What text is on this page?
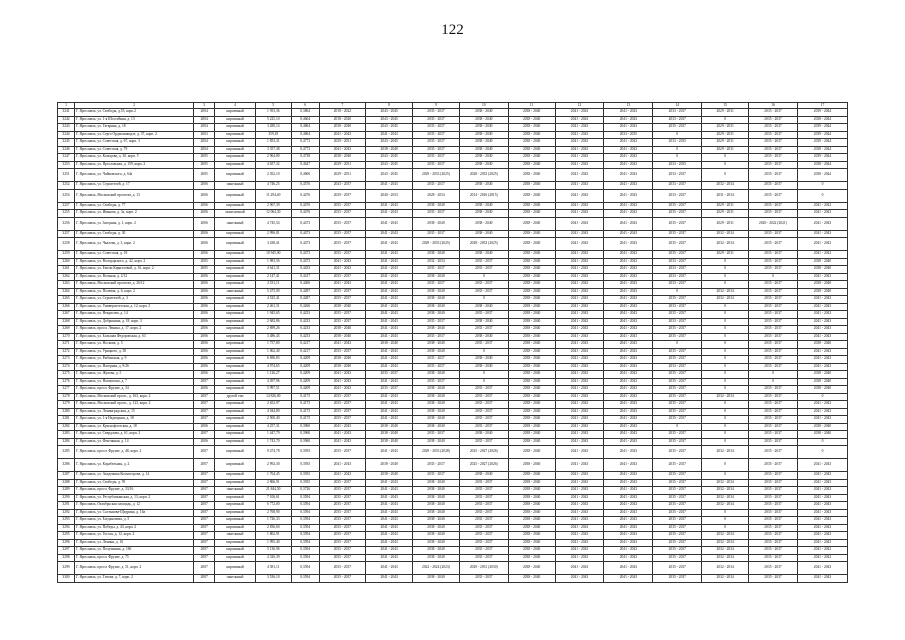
122
1	2	3	4	5	6	7	8	9	10	11	12	13	14	15	16	17
3241	Г. Ярославль, ул. Свободы, д.55, корп.2	2004	кирпичный	1 953,36	0,3864	2018 - 2022	2043 - 2045	2035 - 2037	2038 - 2040	2038 - 2040	2041 - 2043	2041 - 2043	2033 - 2037	2029 - 2031	2035 - 2037	2039 - 2044
3242	Г. Ярославль, ул. 1-я Шоссейная, д. 13	2004	кирпичный	5 225,10	0,4664	2018 - 2020	2043 - 2045	2035 - 2037	2038 - 2040	2038 - 2040	2041 - 2043	2041 - 2043	2033 - 2037	0	2035 - 2037	2038 - 2044
3243	Г. Ярославль, ул. Гагарина, д. 18	2004	кирпичный	3 280,14	0,4864	2038 - 2040	2043 - 2045	2035 - 2037	2038 - 2040	2038 - 2040	2041 - 2043	2041 - 2043	2035 - 2037	2029 - 2031	2035 - 2037	2039 - 2044
3244	Г. Ярославль, ул. Серго Орджоникидзе, д. 37, корп. 2	2003	кирпичный	359,18	0,4864	2041 - 2043	2041 - 2043	2035 - 2037	2038 - 2040	2038 - 2040	2041 - 2043	2033 - 2035	0	2029 - 2031	2035 - 2037	2039 - 2044
3245	Г. Ярославль, ул. Советская, д. 67, корп. 3	2004	кирпичный	1 853,31	0,4773	2029 - 2031	2043 - 2045	2035 - 2037	2038 - 2040	2038 - 2040	2041 - 2043	2041 - 2043	2033 - 2035	2029 - 2031	2035 - 2037	2039 - 2044
3246	Г. Ярославль, ул. Советская, д. 79	2004	кирпичный	3 357,38	0,4773	2041 - 2043	2038 - 2040	2035 - 2037	2038 - 2040	2038 - 2040	2041 - 2043	2041 - 2043	0	2029 - 2031	2035 - 2037	2038 - 2044
3247	Г. Ярославль, ул. Кольцова, д. 30, корп. 5	2005	кирпичный	2 964,80	0,4738	2038 - 2040	2043 - 2045	2035 - 2037	2038 - 2040	2038 - 2040	2041 - 2043	2041 - 2043	0	0	2035 - 2037	2039 - 2044
3253	Г. Ярославль, ул. Ярославская, д. 159, корп. 2	2005	кирпичный	4 657,32	0,4627	2029 - 2031	2043 - 2045	2035 - 2037	2038 - 2040	2038 - 2040	2041 - 2043	2041 - 2043	2033 - 2035	0	2035 - 2037	2038 - 2044
3251	Г. Ярославль, ул. Чайковского, д. 64а	2005	кирпичный	2 052,10	0,4606	2029 - 2031	2043 - 2045	2029 - 2033 (2025)	2028 - 2033 (2025)	2038 - 2040	2041 - 2043	2041 - 2043	2033 - 2037	0	2035 - 2037	2038 - 2044
3252	Г. Ярославль, ул. Строителей, д. 17	2006	панельный	4 746,25	0,4576	2043 - 2037	2041 - 2043	2035 - 2037	2038 - 2040	2038 - 2040	2041 - 2043	2041 - 2043	2033 - 2037	2032 - 2034	2035 - 2037	0
3254	Г. Ярославль, Московский проспект, д. 13	2006	кирпичный	11 294,40	0,4476	2029 - 2037	2040 - 2033	2028 - 2034	2014 - 2016 (2015)	2038 - 2040	2041 - 2043	2041 - 2043	2033 - 2037	2031 - 2034	2035 - 2037	0
3257	Г. Ярославль, ул. Свободы, д. 77	2006	кирпичный	2 967,39	0,4476	2035 - 2037	2041 - 2043	2038 - 2040	2038 - 2040	2038 - 2040	2041 - 2043	2041 - 2043	2035 - 2037	2029 - 2031	2035 - 2037	2041 - 2043
3255	Г. Ярославль, ул. Иванова, д. 3а, корп. 2	2006	монолитный	12 064,30	0,4476	2035 - 2037	2041 - 2043	2035 - 2037	2038 - 2040	2038 - 2040	2041 - 2043	2041 - 2043	2035 - 2037	2029 - 2031	2035 - 2037	2041 - 2043
3256	Г. Ярославль, ул. Загорная, д. 1, корп. 2	2006	панельный	4 745,54	0,4473	2035 - 2037	2041 - 2043	2038 - 2040	2038 - 2040	2038 - 2040	2041 - 2043	2041 - 2043	2035 - 2037	2029 - 2031	2020 - 2022 (2021)	2041 - 2043
3257	Г. Ярославль, ул. Свободы, д. 30	2006	кирпичный	2 996,81	0,4473	2035 - 2037	2041 - 2043	2035 - 2037	2038 - 2040	2038 - 2040	2041 - 2043	2041 - 2043	2035 - 2037	2032 - 2034	2035 - 2037	2041 - 2043
3258	Г. Ярославль, ул. Чкалова, д. 3, корп. 2	2006	кирпичный	3 438,41	0,4473	2035 - 2037	2041 - 2043	2029 - 2033 (2025)	2028 - 2033 (2025)	2038 - 2040	2041 - 2043	2041 - 2043	2035 - 2037	2032 - 2034	2035 - 2037	2041 - 2043
3259	Г. Ярославль, ул. Советская, д. 18	2006	кирпичный	10 945,00	0,4473	2035 - 2037	2041 - 2043	2038 - 2040	2038 - 2040	2038 - 2040	2041 - 2043	2041 - 2043	2035 - 2037	2029 - 2031	2035 - 2037	2041 - 2043
3260	Г. Ярославль, ул. Володарского, д. 42, корп. 2	2005	кирпичный	1 983,56	0,4473	2041 - 2043	2041 - 2043	2032 - 2034	2035 - 2037	2038 - 2040	2041 - 2043	2041 - 2043	2033 - 2037	0	2035 - 2037	2038 - 2040
3261	Г. Ярославль, ул. Емели Кирилловой, д. 16, корп. 2	2005	кирпичный	4 641,31	0,4433	2041 - 2043	2041 - 2043	2035 - 2037	2035 - 2037	2038 - 2040	2041 - 2043	2041 - 2043	2033 - 2037	0	2035 - 2037	2038 - 2040
3262	Г. Ярославль, ул. Вольная, д. 2/12	2006	кирпичный	2 147,41	0,4417	2035 - 2037	2041 - 2043	2038 - 2040	0	2038 - 2040	2041 - 2043	2041 - 2043	2033 - 2037	0	0	2041 - 2043
3263	Г. Ярославль, Московский проспект, д. 26/12	2006	кирпичный	2 531,11	0,4406	2041 - 2043	2041 - 2043	2035 - 2037	2035 - 2037	2038 - 2040	2041 - 2043	2041 - 2043	2033 - 2037	0	2035 - 2037	2038 - 2040
3264	Г. Ярославль, ул. Полевая, д. 6, корп. 2	2006	панельный	5 475,00	0,4287	2035 - 2037	2041 - 2043	2038 - 2040	2035 - 2037	2038 - 2040	2041 - 2043	2041 - 2043	0	2032 - 2034	2035 - 2037	2038 - 2040
3265	Г. Ярославль, ул. Строителей, д. 3	2006	кирпичный	4 525,41	0,4287	2035 - 2037	2041 - 2043	2038 - 2040	0	2038 - 2040	2041 - 2043	2041 - 2043	2035 - 2037	2032 - 2034	2035 - 2037	2041 - 2043
3266	Г. Ярославль, ул. Университетская, д. 12, корп. 2	2006	кирпичный	2 461,31	0,4266	2038 - 2040	2041 - 2043	2038 - 2040	2038 - 2040	2038 - 2040	2041 - 2043	2041 - 2043	2033 - 2037	0	2035 - 2037	2041 - 2043
3267	Г. Ярославль, ул. Некрасова, д. 14	2006	кирпичный	1 945,65	0,4233	2035 - 2037	2041 - 2043	2038 - 2040	2035 - 2037	2038 - 2040	2041 - 2043	2041 - 2043	2035 - 2037	0	2035 - 2037	2041 - 2043
3268	Г. Ярославль, ул. Добрынина, д. 18, корп. 3	2006	кирпичный	2 682,86	0,4233	2035 - 2037	2041 - 2043	2035 - 2037	2038 - 2040	2038 - 2040	2041 - 2043	2041 - 2043	2033 - 2037	0	2035 - 2037	2041 - 2043
3269	Г. Ярославль, просп. Ленина, д. 17, корп. 2	2006	кирпичный	2 699,26	0,4233	2038 - 2040	2041 - 2043	2038 - 2040	2035 - 2037	2038 - 2040	2041 - 2043	2041 - 2043	2035 - 2037	0	2035 - 2037	2041 - 2043
3270	Г. Ярославль, ул. Большая Федоровская, д. 63	2006	кирпичный	3 486,43	0,4233	2038 - 2040	2041 - 2043	2035 - 2037	2038 - 2040	2038 - 2040	2041 - 2043	2041 - 2043	2035 - 2037	0	2035 - 2037	2041 - 2043
3271	Г. Ярославль, ул. Носкова, д. 5	2006	кирпичный	1 757,80	0,4217	2041 - 2043	2038 - 2040	2038 - 2040	2035 - 2037	2038 - 2040	2041 - 2043	2041 - 2043	0	0	2035 - 2037	2038 - 2040
3272	Г. Ярославль, ул. Урицкого, д. 38	2006	кирпичный	1 062,40	0,4217	2035 - 2037	2041 - 2043	2038 - 2040	0	2038 - 2040	2041 - 2043	2041 - 2043	2035 - 2037	0	2035 - 2037	2041 - 2043
3273	Г. Ярославль, ул. Рыбинская, д. 9	2006	кирпичный	6 696,83	0,4209	2038 - 2040	2041 - 2043	2035 - 2037	2038 - 2040	2038 - 2040	2041 - 2043	2041 - 2043	2035 - 2037	0	2035 - 2037	2041 - 2043
3274	Г. Ярославль, ул. Нагорная, д. 9/26	2006	кирпичный	4 974,65	0,4209	2038 - 2040	2041 - 2043	2035 - 2037	2038 - 2040	2038 - 2040	2041 - 2043	2041 - 2043	2033 - 2037	0	2035 - 2037	2041 - 2043
3275	Г. Ярославль, ул. Жукова, д. 5	2006	кирпичный	1 126,27	0,4209	2041 - 2043	2035 - 2037	2038 - 2040	0	2038 - 2040	2041 - 2043	2041 - 2043	2035 - 2037	0	0	2038 - 2040
3276	Г. Ярославль, ул. Нахимсона, д. 7	2007	кирпичный	4 497,96	0,4209	2041 - 2043	2041 - 2043	2035 - 2037	0	2038 - 2040	2041 - 2043	2041 - 2043	2035 - 2037	0	0	2038 - 2040
3277	Г. Ярославль, просп. Фрунзе, д. 34	2006	кирпичный	5 997,51	0,4209	2041 - 2043	2035 - 2037	2038 - 2040	2035 - 2037	2038 - 2040	2041 - 2043	2041 - 2043	2035 - 2037	0	2035 - 2037	2038 - 2040
3278	Г. Ярославль, Московский просп., д. 163, корп. 2	2007	другой тип	14 826,00	0,4175	2035 - 2037	2041 - 2043	2038 - 2040	2035 - 2037	2038 - 2040	2041 - 2043	2041 - 2043	2035 - 2037	2032 - 2034	2035 - 2037	0
3279	Г. Ярославль, Московский просп., д. 123, корп. 2	2007	кирпичный	2 652,97	0,4175	2035 - 2037	2041 - 2043	2038 - 2040	2035 - 2037	2038 - 2040	2041 - 2043	2041 - 2043	2035 - 2037	0	2035 - 2037	2041 - 2043
3280	Г. Ярославль, ул. Ленинградская, д. 15	2007	кирпичный	4 044,80	0,4175	2035 - 2037	2041 - 2043	2038 - 2040	2035 - 2037	2038 - 2040	2041 - 2043	2041 - 2043	2035 - 2037	0	2035 - 2037	2041 - 2043
3281	Г. Ярославль, ул. 1-я Надворная, д. 18	2007	кирпичный	2 500,40	0,4175	2035 - 2037	2041 - 2043	2038 - 2040	2035 - 2037	2038 - 2040	2041 - 2043	2041 - 2043	2035 - 2037	0	2035 - 2037	2041 - 2043
3282	Г. Ярославль, ул. Краснофлотская, д. 18	2006	кирпичный	4 257,31	0,3960	2041 - 2043	2038 - 2040	2038 - 2040	2035 - 2037	2038 - 2040	2041 - 2043	2041 - 2043	0	0	2035 - 2037	2038 - 2040
3283	Г. Ярославль, ул. Свердлова, д. 61, корп. 2	2007	кирпичный	1 447,79	0,3960	2041 - 2043	2038 - 2040	2035 - 2037	2038 - 2040	2038 - 2040	2041 - 2043	2041 - 2043	2035 - 2037	0	2035 - 2037	2038 - 2040
3284	Г. Ярославль, ул. Фонтанная, д. 14	2006	кирпичный	1 743,70	0,3960	2041 - 2043	2038 - 2040	2038 - 2040	2035 - 2037	2038 - 2040	2041 - 2043	2041 - 2043	2035 - 2037	0	2035 - 2037	0
3285	Г. Ярославль, просп. Фрунзе, д. 48, корп. 2	2007	кирпичный	9 474,78	0,3935	2035 - 2037	2041 - 2043	2029 - 2033 (2028)	2025 - 2027 (2026)	2038 - 2040	2041 - 2043	2041 - 2043	2035 - 2037	2032 - 2034	2035 - 2037	0
3286	Г. Ярославль, ул. Корабельная, д. 2	2007	кирпичный	2 992,30	0,3935	2041 - 2043	2038 - 2040	2035 - 2037	2025 - 2027 (2026)	2038 - 2040	2041 - 2043	2041 - 2043	2035 - 2037	0	2035 - 2037	2041 - 2043
3287	Г. Ярославль, ул. Академика Колмогорова, д. 14	2007	кирпичный	1 764,45	0,3935	2041 - 2043	2038 - 2040	2035 - 2037	2038 - 2040	2038 - 2040	2041 - 2043	2041 - 2043	2035 - 2037	0	2035 - 2037	2041 - 2043
3288	Г. Ярославль, ул. Свободы, д. 95	2007	кирпичный	2 866,91	0,3935	2035 - 2037	2041 - 2043	2038 - 2040	2035 - 2037	2038 - 2040	2041 - 2043	2041 - 2043	2035 - 2037	2032 - 2034	2035 - 2037	2041 - 2043
3289	Г. Ярославль, просп. Фрунзе, д. 33/16	2007	панельный	21 844,50	0,3726	2035 - 2037	2041 - 2043	2038 - 2040	2035 - 2037	2038 - 2040	2041 - 2043	2041 - 2043	2035 - 2037	2032 - 2034	2035 - 2037	2041 - 2043
3290	Г. Ярославль, ул. Республиканская, д. 13, корп. 2	2007	кирпичный	7 106,61	0,3594	2035 - 2037	2041 - 2043	2038 - 2040	2035 - 2037	2038 - 2040	2041 - 2043	2041 - 2043	2035 - 2037	2032 - 2034	2035 - 2037	2041 - 2043
3291	Г. Ярославль, Октябрьская площадь, д. 12	2007	кирпичный	6 772,00	0,3594	2035 - 2037	2041 - 2043	2038 - 2040	2035 - 2037	2038 - 2040	2041 - 2043	2041 - 2043	2035 - 2037	2032 - 2034	2035 - 2037	2041 - 2043
3292	Г. Ярославль, ул. Салтыкова-Щедрина, д. 16а	2007	кирпичный	2 768,90	0,3594	2035 - 2037	2041 - 2043	2038 - 2040	2035 - 2037	2038 - 2040	2041 - 2043	2041 - 2043	2035 - 2037	0	2035 - 2037	2041 - 2043
3293	Г. Ярославль, ул. Богдановича, д. 5	2007	кирпичный	1 726,33	0,3594	2035 - 2037	2041 - 2043	2038 - 2040	2035 - 2037	2038 - 2040	2041 - 2043	2041 - 2043	2035 - 2037	0	2035 - 2037	2041 - 2043
3294	Г. Ярославль, ул. Победы, д. 43, корп. 2	2007	кирпичный	2 836,60	0,3594	2035 - 2037	2041 - 2043	2038 - 2040	2035 - 2037	2038 - 2040	2041 - 2043	2041 - 2043	2035 - 2037	0	2035 - 2037	2041 - 2043
3295	Г. Ярославль, ул. Гоголя, д. 12, корп. 2	2007	панельный	1 862,91	0,3594	2035 - 2037	2041 - 2043	2038 - 2040	2035 - 2037	2038 - 2040	2041 - 2043	2041 - 2043	2035 - 2037	2032 - 2034	2035 - 2037	2041 - 2043
3296	Г. Ярославль, ул. Ленина, д. 16	2007	кирпичный	1 995,40	0,3594	2035 - 2037	2041 - 2043	2038 - 2040	2035 - 2037	2038 - 2040	2041 - 2043	2041 - 2043	2035 - 2037	2032 - 2034	2035 - 2037	2041 - 2043
3297	Г. Ярославль, ул. Полушкина, д. 16б	2007	кирпичный	5 136,96	0,3594	2035 - 2037	2041 - 2043	2038 - 2040	2035 - 2037	2038 - 2040	2041 - 2043	2041 - 2043	2035 - 2037	2032 - 2034	2035 - 2037	2041 - 2043
3298	Г. Ярославль, просп. Фрунзе, д. 75	2007	кирпичный	4 326,39	0,3594	2035 - 2037	2041 - 2043	2038 - 2040	2035 - 2037	2038 - 2040	2041 - 2043	2041 - 2043	2035 - 2037	2032 - 2034	2035 - 2037	2041 - 2043
3299	Г. Ярославль, просп. Фрунзе, д. 51, корп. 2	2007	кирпичный	4 581,11	0,3594	2035 - 2037	2041 - 2043	2022 - 2024 (2023)	2029 - 2031 (2030)	2038 - 2040	2041 - 2043	2041 - 2043	2035 - 2037	2032 - 2034	2035 - 2037	2041 - 2043
3300	Г. Ярославль, ул. Титова, д. 7, корп. 2	2007	панельный	3 536,10	0,3594	2035 - 2037	2041 - 2043	2038 - 2040	2035 - 2037	2038 - 2040	2041 - 2043	2041 - 2043	2035 - 2037	2032 - 2034	2035 - 2037	2041 - 2043
